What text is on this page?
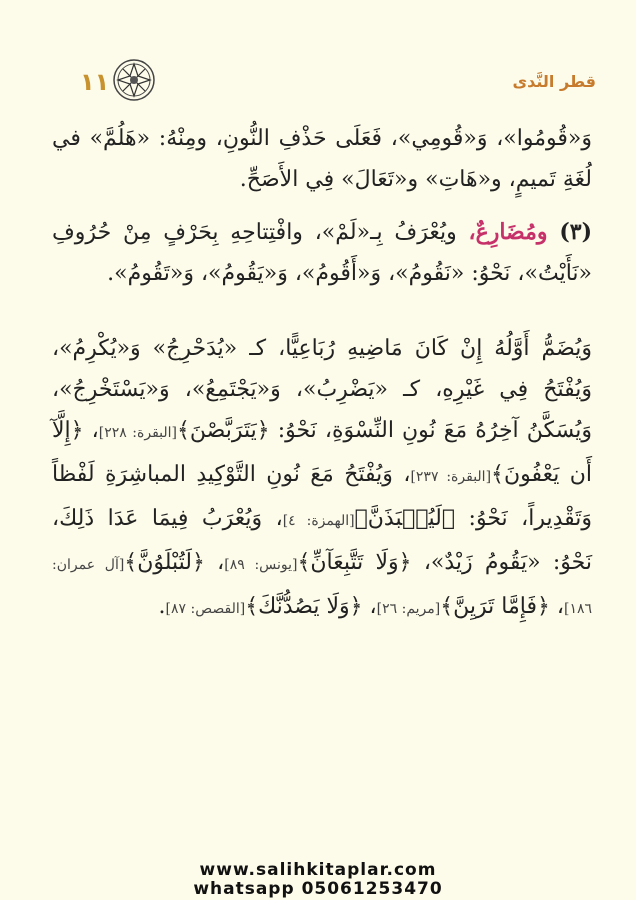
١١	قطر النَّدى

وَ«قُومُوا»، وَ«قُومِي»، فَعَلَى حَذْفِ النُّونِ، ومِنْهُ: «هَلُمَّ» في لُغَةِ تَميمٍ، و«هَاتِ» و«تَعَالَ» فِي الأَصَحِّ.

(٣) ومُضَارِعٌ، ويُعْرَفُ بِـ«لَمْ»، وافْتِتاحِهِ بِحَرْفٍ مِنْ حُرُوفِ «نَأَيْتُ»، نَحْوُ: «نَقُومُ»، وَ«أَقُومُ»، وَ«يَقُومُ»، وَ«تَقُومُ».

وَيُضَمُّ أَوَّلُهُ إِنْ كَانَ مَاضِيهِ رُبَاعِيًّا، كـ «يُدَحْرِجُ» وَ«يُكْرِمُ»، وَيُفْتَحُ فِي غَيْرِهِ، كـ «يَضْرِبُ»، وَ«يَجْتَمِعُ»، وَ«يَسْتَخْرِجُ»، وَيُسَكَّنُ آخِرُهُ مَعَ نُونِ النِّسْوَةِ، نَحْوُ: ﴿يَتَرَبَّصْنَ﴾[البقرة: ٢٢٨]، ﴿إِلَّآ أَن يَعْفُونَ﴾[البقرة: ٢٣٧]، وَيُفْتَحُ مَعَ نُونِ التَّوْكِيدِ المباشِرَةِ لَفْظاً وَتَقْدِيراً، نَحْوُ: ﴿لَيُنۢبَذَنَّ﴾[الهمزة: ٤]، وَيُعْرَبُ فِيمَا عَدَا ذَلِكَ، نَحْوُ: «يَقُومُ زَيْدٌ»، ﴿وَلَا تَتَّبِعَآنِّ﴾[يونس: ٨٩]، ﴿لَتُبْلَوُنَّ﴾[آل عمران: ١٨٦]، ﴿فَإِمَّا تَرَيِنَّ﴾[مريم: ٢٦]، ﴿وَلَا يَصُدُّنَّكَ﴾[القصص: ٨٧].

www.salihkitaplar.com
whatsapp 05061253470
